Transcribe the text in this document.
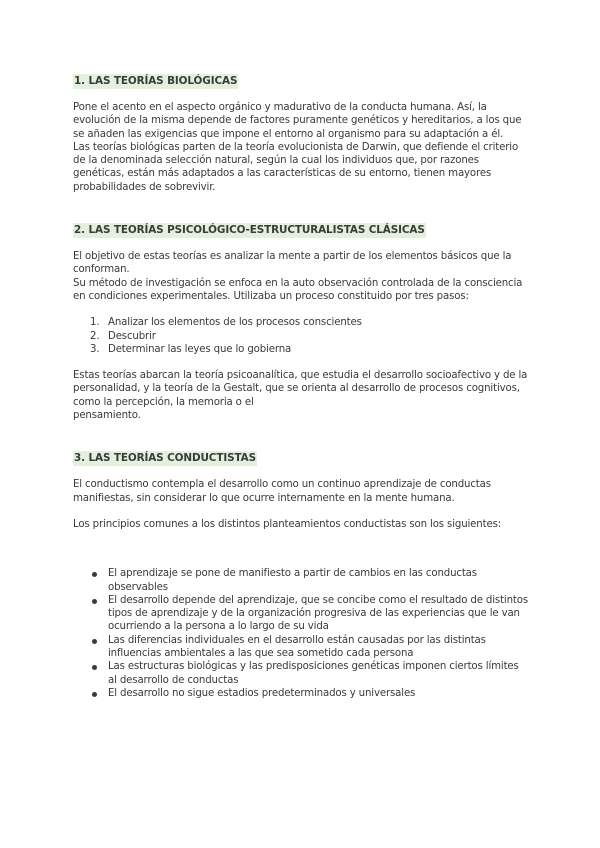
1. LAS TEORÍAS BIOLÓGICAS

Pone el acento en el aspecto orgánico y madurativo de la conducta humana. Así, la evolución de la misma depende de factores puramente genéticos y hereditarios, a los que se añaden las exigencias que impone el entorno al organismo para su adaptación a él.

Las teorías biológicas parten de la teoría evolucionista de Darwin, que defiende el criterio de la denominada selección natural, según la cual los individuos que, por razones genéticas, están más adaptados a las características de su entorno, tienen mayores probabilidades de sobrevivir.

2. LAS TEORÍAS PSICOLÓGICO-ESTRUCTURALISTAS CLÁSICAS

El objetivo de estas teorías es analizar la mente a partir de los elementos básicos que la conforman.

Su método de investigación se enfoca en la auto observación controlada de la consciencia en condiciones experimentales. Utilizaba un proceso constituido por tres pasos:

1. Analizar los elementos de los procesos conscientes
2. Descubrir
3. Determinar las leyes que lo gobierna

Estas teorías abarcan la teoría psicoanalítica, que estudia el desarrollo socioafectivo y de la personalidad, y la teoría de la Gestalt, que se orienta al desarrollo de procesos cognitivos, como la percepción, la memoria o el

pensamiento.

3. LAS TEORÍAS CONDUCTISTAS

El conductismo contempla el desarrollo como un continuo aprendizaje de conductas manifiestas, sin considerar lo que ocurre internamente en la mente humana.

Los principios comunes a los distintos planteamientos conductistas son los siguientes:

El aprendizaje se pone de manifiesto a partir de cambios en las conductas observables
El desarrollo depende del aprendizaje, que se concibe como el resultado de distintos tipos de aprendizaje y de la organización progresiva de las experiencias que le van ocurriendo a la persona a lo largo de su vida
Las diferencias individuales en el desarrollo están causadas por las distintas influencias ambientales a las que sea sometido cada persona
Las estructuras biológicas y las predisposiciones genéticas imponen ciertos límites al desarrollo de conductas
El desarrollo no sigue estadios predeterminados y universales
